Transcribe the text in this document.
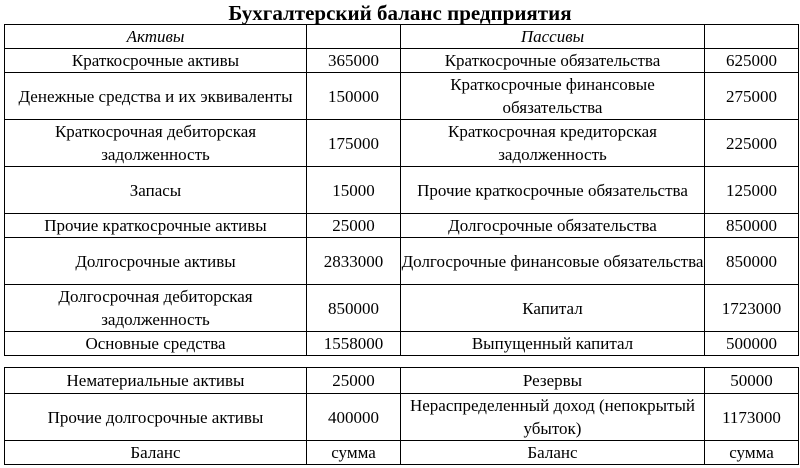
Бухгалтерский баланс предприятия
Активы		Пассивы	
Краткосрочные активы	365000	Краткосрочные обязательства	625000
Денежные средства и их эквиваленты	150000	Краткосрочные финансовые обязательства	275000
Краткосрочная дебиторская задолженность	175000	Краткосрочная кредиторская задолженность	225000
Запасы	15000	Прочие краткосрочные обязательства	125000
Прочие краткосрочные активы	25000	Долгосрочные обязательства	850000
Долгосрочные активы	2833000	Долгосрочные финансовые обязательства	850000
Долгосрочная дебиторская задолженность	850000	Капитал	1723000
Основные средства	1558000	Выпущенный капитал	500000
Нематериальные активы	25000	Резервы	50000
Прочие долгосрочные активы	400000	Нераспределенный доход (непокрытый убыток)	1173000
Баланс	сумма	Баланс	сумма
